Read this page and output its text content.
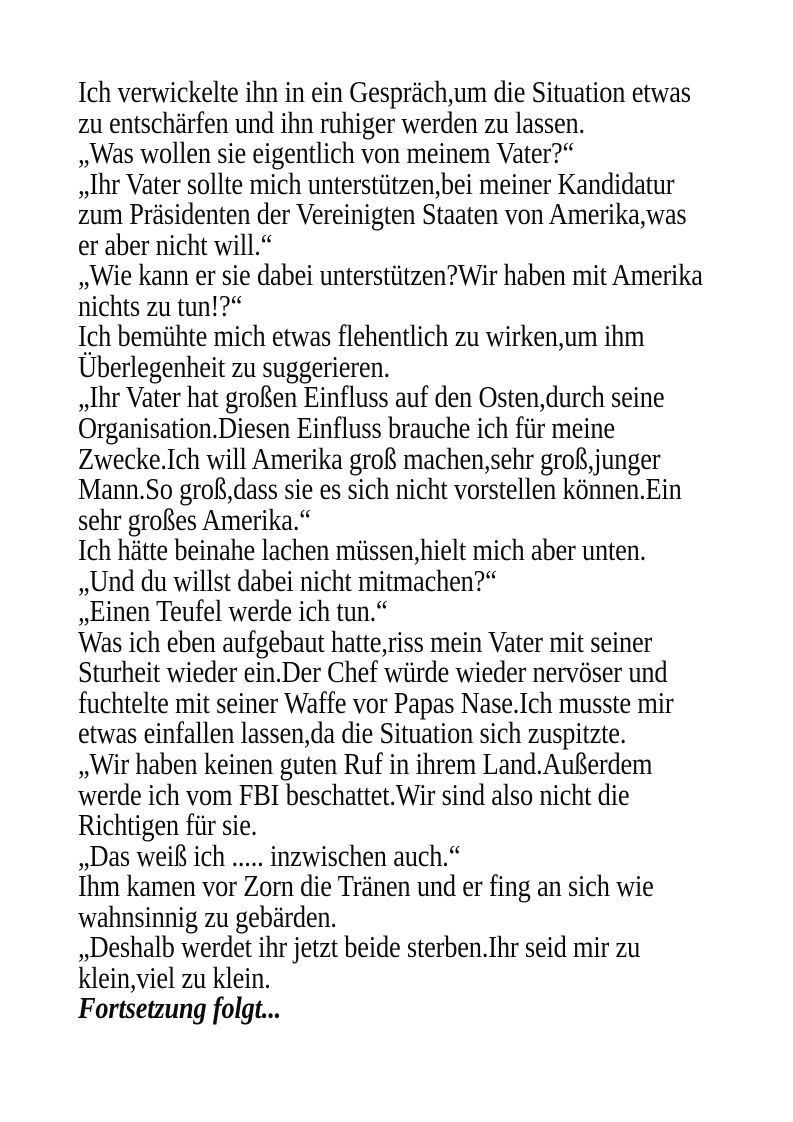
Ich verwickelte ihn in ein Gespräch,um die Situation etwas
zu entschärfen und ihn ruhiger werden zu lassen.
„Was wollen sie eigentlich von meinem Vater?“
„Ihr Vater sollte mich unterstützen,bei meiner Kandidatur
zum Präsidenten der Vereinigten Staaten von Amerika,was
er aber nicht will.“
„Wie kann er sie dabei unterstützen?Wir haben mit Amerika
nichts zu tun!?“
Ich bemühte mich etwas flehentlich zu wirken,um ihm
Überlegenheit zu suggerieren.
„Ihr Vater hat großen Einfluss auf den Osten,durch seine
Organisation.Diesen Einfluss brauche ich für meine
Zwecke.Ich will Amerika groß machen,sehr groß,junger
Mann.So groß,dass sie es sich nicht vorstellen können.Ein
sehr großes Amerika.“
Ich hätte beinahe lachen müssen,hielt mich aber unten.
„Und du willst dabei nicht mitmachen?“
„Einen Teufel werde ich tun.“
Was ich eben aufgebaut hatte,riss mein Vater mit seiner
Sturheit wieder ein.Der Chef würde wieder nervöser und
fuchtelte mit seiner Waffe vor Papas Nase.Ich musste mir
etwas einfallen lassen,da die Situation sich zuspitzte.
„Wir haben keinen guten Ruf in ihrem Land.Außerdem
werde ich vom FBI beschattet.Wir sind also nicht die
Richtigen für sie.
„Das weiß ich ..... inzwischen auch.“
Ihm kamen vor Zorn die Tränen und er fing an sich wie
wahnsinnig zu gebärden.
„Deshalb werdet ihr jetzt beide sterben.Ihr seid mir zu
klein,viel zu klein.
Fortsetzung folgt...
